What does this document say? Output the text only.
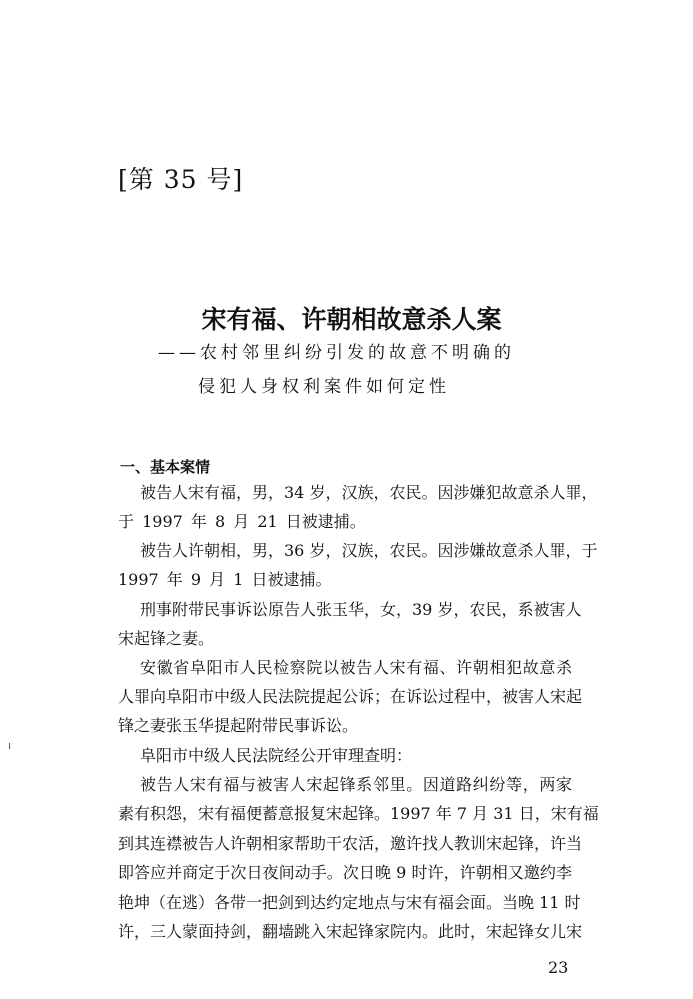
[第 35 号]
宋有福、许朝相故意杀人案
——农村邻里纠纷引发的故意不明确的
侵犯人身权利案件如何定性
一、基本案情
被告人宋有福，男，34 岁，汉族，农民。因涉嫌犯故意杀人罪，
于 1997 年 8 月 21 日被逮捕。
被告人许朝相，男，36 岁，汉族，农民。因涉嫌故意杀人罪，于
1997 年 9 月 1 日被逮捕。
刑事附带民事诉讼原告人张玉华，女，39 岁，农民，系被害人
宋起锋之妻。
安徽省阜阳市人民检察院以被告人宋有福、许朝相犯故意杀
人罪向阜阳市中级人民法院提起公诉；在诉讼过程中，被害人宋起
锋之妻张玉华提起附带民事诉讼。
阜阳市中级人民法院经公开审理查明：
被告人宋有福与被害人宋起锋系邻里。因道路纠纷等，两家
素有积怨，宋有福便蓄意报复宋起锋。1997 年 7 月 31 日，宋有福
到其连襟被告人许朝相家帮助干农活，邀许找人教训宋起锋，许当
即答应并商定于次日夜间动手。次日晚 9 时许，许朝相又邀约李
艳坤（在逃）各带一把剑到达约定地点与宋有福会面。当晚 11 时
许，三人蒙面持剑，翻墙跳入宋起锋家院内。此时，宋起锋女儿宋
23
